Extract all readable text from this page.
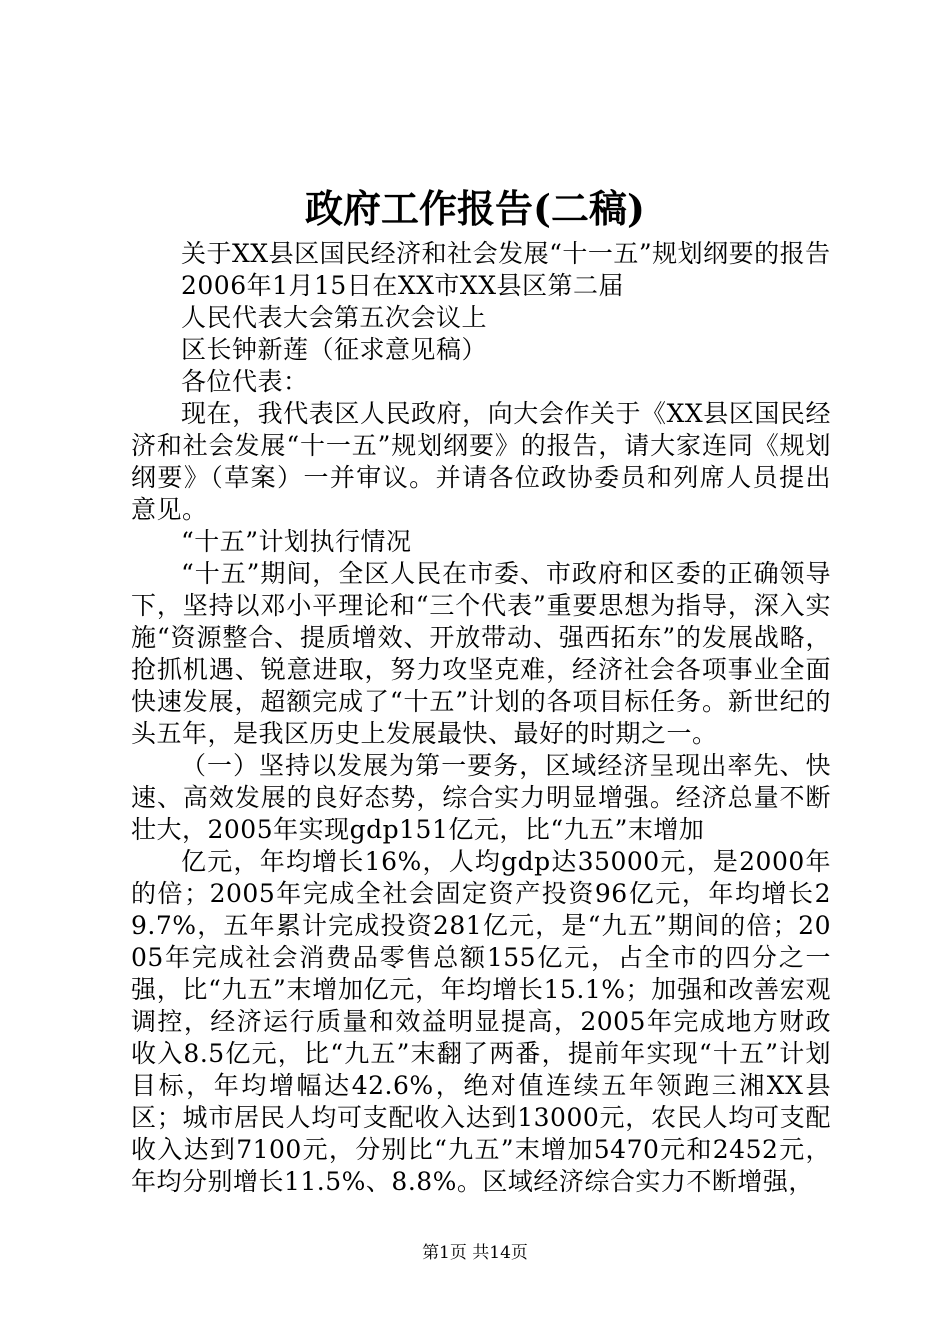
政府工作报告(二稿)

关于XX县区国民经济和社会发展“十一五”规划纲要的报告

2006年1月15日在XX市XX县区第二届

人民代表大会第五次会议上

区长钟新莲（征求意见稿）

各位代表：

现在，我代表区人民政府，向大会作关于《XX县区国民经济和社会发展“十一五”规划纲要》的报告，请大家连同《规划纲要》（草案）一并审议。并请各位政协委员和列席人员提出意见。

“十五”计划执行情况

“十五”期间，全区人民在市委、市政府和区委的正确领导下，坚持以邓小平理论和“三个代表”重要思想为指导，深入实施“资源整合、提质增效、开放带动、强西拓东”的发展战略，抢抓机遇、锐意进取，努力攻坚克难，经济社会各项事业全面快速发展，超额完成了“十五”计划的各项目标任务。新世纪的头五年，是我区历史上发展最快、最好的时期之一。

（一）坚持以发展为第一要务，区域经济呈现出率先、快速、高效发展的良好态势，综合实力明显增强。经济总量不断壮大，2005年实现gdp151亿元，比“九五”末增加

亿元，年均增长16%，人均gdp达35000元，是2000年的倍；2005年完成全社会固定资产投资96亿元，年均增长29.7%，五年累计完成投资281亿元，是“九五”期间的倍；2005年完成社会消费品零售总额155亿元，占全市的四分之一强，比“九五”末增加亿元，年均增长15.1%；加强和改善宏观调控，经济运行质量和效益明显提高，2005年完成地方财政收入8.5亿元，比“九五”末翻了两番，提前年实现“十五”计划目标，年均增幅达42.6%，绝对值连续五年领跑三湘XX县区；城市居民人均可支配收入达到13000元，农民人均可支配收入达到7100元，分别比“九五”末增加5470元和2452元，年均分别增长11.5%、8.8%。区域经济综合实力不断增强，

第1页 共14页
